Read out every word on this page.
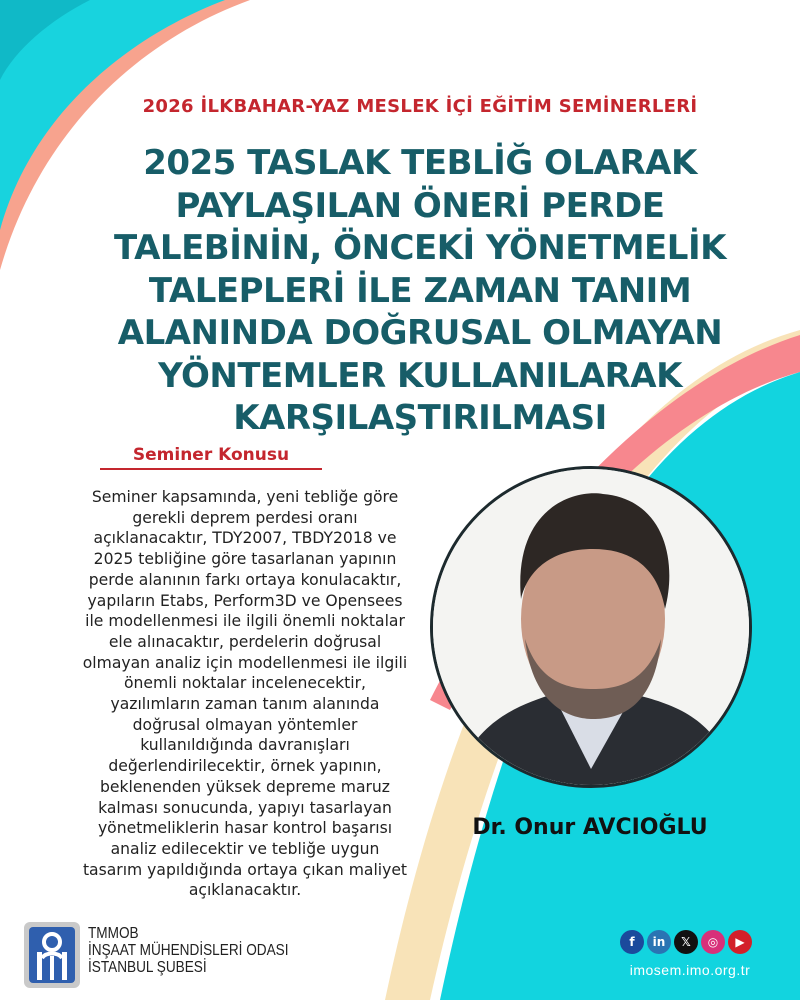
2026 İLKBAHAR-YAZ MESLEK İÇİ EĞİTİM SEMİNERLERİ
2025 TASLAK TEBLİĞ OLARAK
PAYLAŞILAN ÖNERİ PERDE
TALEBİNİN, ÖNCEKİ YÖNETMELİK
TALEPLERİ İLE ZAMAN TANIM
ALANINDA DOĞRUSAL OLMAYAN
YÖNTEMLER KULLANILARAK
KARŞILAŞTIRILMASI
Seminer Konusu
Seminer kapsamında, yeni tebliğe göre
gerekli deprem perdesi oranı
açıklanacaktır, TDY2007, TBDY2018 ve
2025 tebliğine göre tasarlanan yapının
perde alanının farkı ortaya konulacaktır,
yapıların Etabs, Perform3D ve Opensees
ile modellenmesi ile ilgili önemli noktalar
ele alınacaktır, perdelerin doğrusal
olmayan analiz için modellenmesi ile ilgili
önemli noktalar incelenecektir,
yazılımların zaman tanım alanında
doğrusal olmayan yöntemler
kullanıldığında davranışları
değerlendirilecektir, örnek yapının,
beklenenden yüksek depreme maruz
kalması sonucunda, yapıyı tasarlayan
yönetmeliklerin hasar kontrol başarısı
analiz edilecektir ve tebliğe uygun
tasarım yapıldığında ortaya çıkan maliyet
açıklanacaktır.
Dr. Onur AVCIOĞLU
TMMOB
İNŞAAT MÜHENDİSLERİ ODASI
İSTANBUL ŞUBESİ
f	in	𝕏	◎	▶
imosem.imo.org.tr
